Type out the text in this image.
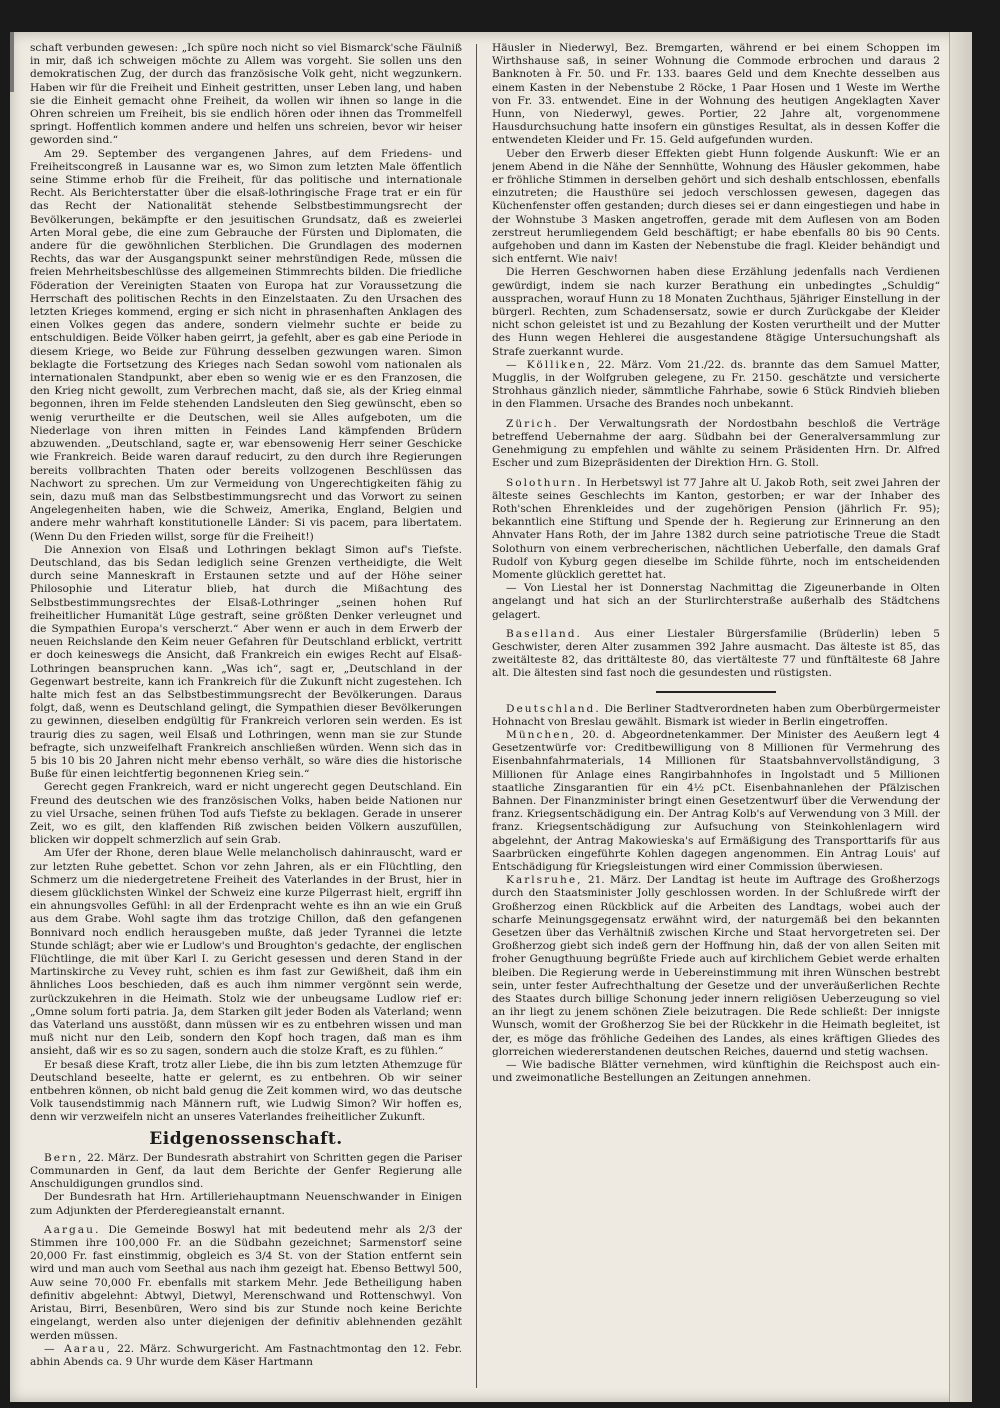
schaft verbunden gewesen: „Ich spüre noch nicht so viel Bismarck'sche Fäulniß in mir, daß ich schweigen möchte zu Allem was vorgeht. Sie sollen uns den demokratischen Zug, der durch das französische Volk geht, nicht wegzunkern. Haben wir für die Freiheit und Einheit gestritten, unser Leben lang, und haben sie die Einheit gemacht ohne Freiheit, da wollen wir ihnen so lange in die Ohren schreien um Freiheit, bis sie endlich hören oder ihnen das Trommelfell springt. Hoffentlich kommen andere und helfen uns schreien, bevor wir heiser geworden sind.“

Am 29. September des vergangenen Jahres, auf dem Friedens- und Freiheitscongreß in Lausanne war es, wo Simon zum letzten Male öffentlich seine Stimme erhob für die Freiheit, für das politische und internationale Recht. Als Berichterstatter über die elsaß-lothringische Frage trat er ein für das Recht der Nationalität stehende Selbstbestimmungsrecht der Bevölkerungen, bekämpfte er den jesuitischen Grundsatz, daß es zweierlei Arten Moral gebe, die eine zum Gebrauche der Fürsten und Diplomaten, die andere für die gewöhnlichen Sterblichen. Die Grundlagen des modernen Rechts, das war der Ausgangspunkt seiner mehrstündigen Rede, müssen die freien Mehrheitsbeschlüsse des allgemeinen Stimmrechts bilden. Die friedliche Föderation der Vereinigten Staaten von Europa hat zur Voraussetzung die Herrschaft des politischen Rechts in den Einzelstaaten. Zu den Ursachen des letzten Krieges kommend, erging er sich nicht in phrasenhaften Anklagen des einen Volkes gegen das andere, sondern vielmehr suchte er beide zu entschuldigen. Beide Völker haben geirrt, ja gefehlt, aber es gab eine Periode in diesem Kriege, wo Beide zur Führung desselben gezwungen waren. Simon beklagte die Fortsetzung des Krieges nach Sedan sowohl vom nationalen als internationalen Standpunkt, aber eben so wenig wie er es den Franzosen, die den Krieg nicht gewollt, zum Verbrechen macht, daß sie, als der Krieg einmal begonnen, ihren im Felde stehenden Landsleuten den Sieg gewünscht, eben so wenig verurtheilte er die Deutschen, weil sie Alles aufgeboten, um die Niederlage von ihren mitten in Feindes Land kämpfenden Brüdern abzuwenden. „Deutschland, sagte er, war ebensowenig Herr seiner Geschicke wie Frankreich. Beide waren darauf reducirt, zu den durch ihre Regierungen bereits vollbrachten Thaten oder bereits vollzogenen Beschlüssen das Nachwort zu sprechen. Um zur Vermeidung von Ungerechtigkeiten fähig zu sein, dazu muß man das Selbstbestimmungsrecht und das Vorwort zu seinen Angelegenheiten haben, wie die Schweiz, Amerika, England, Belgien und andere mehr wahrhaft konstitutionelle Länder: Si vis pacem, para libertatem. (Wenn Du den Frieden willst, sorge für die Freiheit!)

Die Annexion von Elsaß und Lothringen beklagt Simon auf's Tiefste. Deutschland, das bis Sedan lediglich seine Grenzen vertheidigte, die Welt durch seine Manneskraft in Erstaunen setzte und auf der Höhe seiner Philosophie und Literatur blieb, hat durch die Mißachtung des Selbstbestimmungsrechtes der Elsaß-Lothringer „seinen hohen Ruf freiheitlicher Humanität Lüge gestraft, seine größten Denker verleugnet und die Sympathien Europa's verscherzt.“ Aber wenn er auch in dem Erwerb der neuen Reichslande den Keim neuer Gefahren für Deutschland erblickt, vertritt er doch keineswegs die Ansicht, daß Frankreich ein ewiges Recht auf Elsaß-Lothringen beanspruchen kann. „Was ich“, sagt er, „Deutschland in der Gegenwart bestreite, kann ich Frankreich für die Zukunft nicht zugestehen. Ich halte mich fest an das Selbstbestimmungsrecht der Bevölkerungen. Daraus folgt, daß, wenn es Deutschland gelingt, die Sympathien dieser Bevölkerungen zu gewinnen, dieselben endgültig für Frankreich verloren sein werden. Es ist traurig dies zu sagen, weil Elsaß und Lothringen, wenn man sie zur Stunde befragte, sich unzweifelhaft Frankreich anschließen würden. Wenn sich das in 5 bis 10 bis 20 Jahren nicht mehr ebenso verhält, so wäre dies die historische Buße für einen leichtfertig begonnenen Krieg sein.“

Gerecht gegen Frankreich, ward er nicht ungerecht gegen Deutschland. Ein Freund des deutschen wie des französischen Volks, haben beide Nationen nur zu viel Ursache, seinen frühen Tod aufs Tiefste zu beklagen. Gerade in unserer Zeit, wo es gilt, den klaffenden Riß zwischen beiden Völkern auszufüllen, blicken wir doppelt schmerzlich auf sein Grab.

Am Ufer der Rhone, deren blaue Welle melancholisch dahinrauscht, ward er zur letzten Ruhe gebettet. Schon vor zehn Jahren, als er ein Flüchtling, den Schmerz um die niedergetretene Freiheit des Vaterlandes in der Brust, hier in diesem glücklichsten Winkel der Schweiz eine kurze Pilgerrast hielt, ergriff ihn ein ahnungsvolles Gefühl: in all der Erdenpracht wehte es ihn an wie ein Gruß aus dem Grabe. Wohl sagte ihm das trotzige Chillon, daß den gefangenen Bonnivard noch endlich herausgeben mußte, daß jeder Tyrannei die letzte Stunde schlägt; aber wie er Ludlow's und Broughton's gedachte, der englischen Flüchtlinge, die mit über Karl I. zu Gericht gesessen und deren Stand in der Martinskirche zu Vevey ruht, schien es ihm fast zur Gewißheit, daß ihm ein ähnliches Loos beschieden, daß es auch ihm nimmer vergönnt sein werde, zurückzukehren in die Heimath. Stolz wie der unbeugsame Ludlow rief er: „Omne solum forti patria. Ja, dem Starken gilt jeder Boden als Vaterland; wenn das Vaterland uns ausstößt, dann müssen wir es zu entbehren wissen und man muß nicht nur den Leib, sondern den Kopf hoch tragen, daß man es ihm ansieht, daß wir es so zu sagen, sondern auch die stolze Kraft, es zu fühlen.“

Er besaß diese Kraft, trotz aller Liebe, die ihn bis zum letzten Athemzuge für Deutschland beseelte, hatte er gelernt, es zu entbehren. Ob wir seiner entbehren können, ob nicht bald genug die Zeit kommen wird, wo das deutsche Volk tausendstimmig nach Männern ruft, wie Ludwig Simon? Wir hoffen es, denn wir verzweifeln nicht an unseres Vaterlandes freiheitlicher Zukunft.

Eidgenossenschaft.

Bern, 22. März. Der Bundesrath abstrahirt von Schritten gegen die Pariser Communarden in Genf, da laut dem Berichte der Genfer Regierung alle Anschuldigungen grundlos sind.

Der Bundesrath hat Hrn. Artilleriehauptmann Neuenschwander in Einigen zum Adjunkten der Pferderegieanstalt ernannt.

Aargau. Die Gemeinde Boswyl hat mit bedeutend mehr als 2/3 der Stimmen ihre 100,000 Fr. an die Südbahn gezeichnet; Sarmenstorf seine 20,000 Fr. fast einstimmig, obgleich es 3/4 St. von der Station entfernt sein wird und man auch vom Seethal aus nach ihm gezeigt hat. Ebenso Bettwyl 500, Auw seine 70,000 Fr. ebenfalls mit starkem Mehr. Jede Betheiligung haben definitiv abgelehnt: Abtwyl, Dietwyl, Merenschwand und Rottenschwyl. Von Aristau, Birri, Besenbüren, Wero sind bis zur Stunde noch keine Berichte eingelangt, werden also unter diejenigen der definitiv ablehnenden gezählt werden müssen.

— Aarau, 22. März. Schwurgericht. Am Fastnachtmontag den 12. Febr. abhin Abends ca. 9 Uhr wurde dem Käser Hartmann

Häusler in Niederwyl, Bez. Bremgarten, während er bei einem Schoppen im Wirthshause saß, in seiner Wohnung die Commode erbrochen und daraus 2 Banknoten à Fr. 50. und Fr. 133. baares Geld und dem Knechte desselben aus einem Kasten in der Nebenstube 2 Röcke, 1 Paar Hosen und 1 Weste im Werthe von Fr. 33. entwendet. Eine in der Wohnung des heutigen Angeklagten Xaver Hunn, von Niederwyl, gewes. Portier, 22 Jahre alt, vorgenommene Hausdurchsuchung hatte insofern ein günstiges Resultat, als in dessen Koffer die entwendeten Kleider und Fr. 15. Geld aufgefunden wurden.

Ueber den Erwerb dieser Effekten giebt Hunn folgende Auskunft: Wie er an jenem Abend in die Nähe der Sennhütte, Wohnung des Häusler gekommen, habe er fröhliche Stimmen in derselben gehört und sich deshalb entschlossen, ebenfalls einzutreten; die Hausthüre sei jedoch verschlossen gewesen, dagegen das Küchenfenster offen gestanden; durch dieses sei er dann eingestiegen und habe in der Wohnstube 3 Masken angetroffen, gerade mit dem Auflesen von am Boden zerstreut herumliegendem Geld beschäftigt; er habe ebenfalls 80 bis 90 Cents. aufgehoben und dann im Kasten der Nebenstube die fragl. Kleider behändigt und sich entfernt. Wie naiv!

Die Herren Geschwornen haben diese Erzählung jedenfalls nach Verdienen gewürdigt, indem sie nach kurzer Berathung ein unbedingtes „Schuldig“ aussprachen, worauf Hunn zu 18 Monaten Zuchthaus, 5jähriger Einstellung in der bürgerl. Rechten, zum Schadensersatz, sowie er durch Zurückgabe der Kleider nicht schon geleistet ist und zu Bezahlung der Kosten verurtheilt und der Mutter des Hunn wegen Hehlerei die ausgestandene 8tägige Untersuchungshaft als Strafe zuerkannt wurde.

— Kölliken, 22. März. Vom 21./22. ds. brannte das dem Samuel Matter, Mugglis, in der Wolfgruben gelegene, zu Fr. 2150. geschätzte und versicherte Strohhaus gänzlich nieder, sämmtliche Fahrhabe, sowie 6 Stück Rindvieh blieben in den Flammen. Ursache des Brandes noch unbekannt.

Zürich. Der Verwaltungsrath der Nordostbahn beschloß die Verträge betreffend Uebernahme der aarg. Südbahn bei der Generalversammlung zur Genehmigung zu empfehlen und wählte zu seinem Präsidenten Hrn. Dr. Alfred Escher und zum Bizepräsidenten der Direktion Hrn. G. Stoll.

Solothurn. In Herbetswyl ist 77 Jahre alt U. Jakob Roth, seit zwei Jahren der älteste seines Geschlechts im Kanton, gestorben; er war der Inhaber des Roth'schen Ehrenkleides und der zugehörigen Pension (jährlich Fr. 95); bekanntlich eine Stiftung und Spende der h. Regierung zur Erinnerung an den Ahnvater Hans Roth, der im Jahre 1382 durch seine patriotische Treue die Stadt Solothurn von einem verbrecherischen, nächtlichen Ueberfalle, den damals Graf Rudolf von Kyburg gegen dieselbe im Schilde führte, noch im entscheidenden Momente glücklich gerettet hat.

— Von Liestal her ist Donnerstag Nachmittag die Zigeunerbande in Olten angelangt und hat sich an der Sturlirchterstraße außerhalb des Städtchens gelagert.

Baselland. Aus einer Liestaler Bürgersfamilie (Brüderlin) leben 5 Geschwister, deren Alter zusammen 392 Jahre ausmacht. Das älteste ist 85, das zweitälteste 82, das drittälteste 80, das viertälteste 77 und fünftälteste 68 Jahre alt. Die ältesten sind fast noch die gesundesten und rüstigsten.

Deutschland. Die Berliner Stadtverordneten haben zum Oberbürgermeister Hohnacht von Breslau gewählt. Bismark ist wieder in Berlin eingetroffen.

München, 20. d. Abgeordnetenkammer. Der Minister des Aeußern legt 4 Gesetzentwürfe vor: Creditbewilligung von 8 Millionen für Vermehrung des Eisenbahnfahrmaterials, 14 Millionen für Staatsbahnvervollständigung, 3 Millionen für Anlage eines Rangirbahnhofes in Ingolstadt und 5 Millionen staatliche Zinsgarantien für ein 4½ pCt. Eisenbahnanlehen der Pfälzischen Bahnen. Der Finanzminister bringt einen Gesetzentwurf über die Verwendung der franz. Kriegsentschädigung ein. Der Antrag Kolb's auf Verwendung von 3 Mill. der franz. Kriegsentschädigung zur Aufsuchung von Steinkohlenlagern wird abgelehnt, der Antrag Makowieska's auf Ermäßigung des Transporttarifs für aus Saarbrücken eingeführte Kohlen dagegen angenommen. Ein Antrag Louis' auf Entschädigung für Kriegsleistungen wird einer Commission überwiesen.

Karlsruhe, 21. März. Der Landtag ist heute im Auftrage des Großherzogs durch den Staatsminister Jolly geschlossen worden. In der Schlußrede wirft der Großherzog einen Rückblick auf die Arbeiten des Landtags, wobei auch der scharfe Meinungsgegensatz erwähnt wird, der naturgemäß bei den bekannten Gesetzen über das Verhältniß zwischen Kirche und Staat hervorgetreten sei. Der Großherzog giebt sich indeß gern der Hoffnung hin, daß der von allen Seiten mit froher Genugthuung begrüßte Friede auch auf kirchlichem Gebiet werde erhalten bleiben. Die Regierung werde in Uebereinstimmung mit ihren Wünschen bestrebt sein, unter fester Aufrechthaltung der Gesetze und der unveräußerlichen Rechte des Staates durch billige Schonung jeder innern religiösen Ueberzeugung so viel an ihr liegt zu jenem schönen Ziele beizutragen. Die Rede schließt: Der innigste Wunsch, womit der Großherzog Sie bei der Rückkehr in die Heimath begleitet, ist der, es möge das fröhliche Gedeihen des Landes, als eines kräftigen Gliedes des glorreichen wiedererstandenen deutschen Reiches, dauernd und stetig wachsen.

— Wie badische Blätter vernehmen, wird künftighin die Reichspost auch ein- und zweimonatliche Bestellungen an Zeitungen annehmen.
